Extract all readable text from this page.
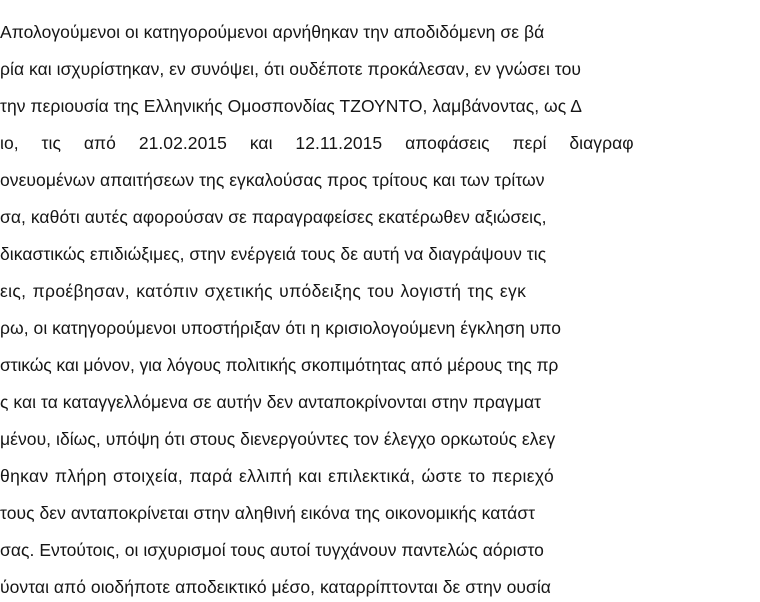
Απολογούμενοι οι κατηγορούμενοι αρνήθηκαν την αποδιδόμενη σε βά
ρία και ισχυρίστηκαν, εν συνόψει, ότι ουδέποτε προκάλεσαν, εν γνώσει του
την περιουσία της Ελληνικής Ομοσπονδίας ΤΖΟΥΝΤΟ, λαμβάνοντας, ως Δ
ιο, τις από 21.02.2015 και 12.11.2015 αποφάσεις περί διαγραφ
ονευομένων απαιτήσεων της εγκαλούσας προς τρίτους και των τρίτων
σα, καθότι αυτές αφορούσαν σε παραγραφείσες εκατέρωθεν αξιώσεις,
δικαστικώς επιδιώξιμες, στην ενέργειά τους δε αυτή να διαγράψουν τις
εις, προέβησαν, κατόπιν σχετικής υπόδειξης του λογιστή της εγκ
ρω, οι κατηγορούμενοι υποστήριξαν ότι η κρισιολογούμενη έγκληση υπο
στικώς και μόνον, για λόγους πολιτικής σκοπιμότητας από μέρους της πρ
ς και τα καταγγελλόμενα σε αυτήν δεν ανταποκρίνονται στην πραγματ
μένου, ιδίως, υπόψη ότι στους διενεργούντες τον έλεγχο ορκωτούς ελεγ
θηκαν πλήρη στοιχεία, παρά ελλιπή και επιλεκτικά, ώστε το περιεχό
τους δεν ανταποκρίνεται στην αληθινή εικόνα της οικονομικής κατάστ
σας. Εντούτοις, οι ισχυρισμοί τους αυτοί τυγχάνουν παντελώς αόριστο
ύονται από οιοδήποτε αποδεικτικό μέσο, καταρρίπτονται δε στην ουσία
